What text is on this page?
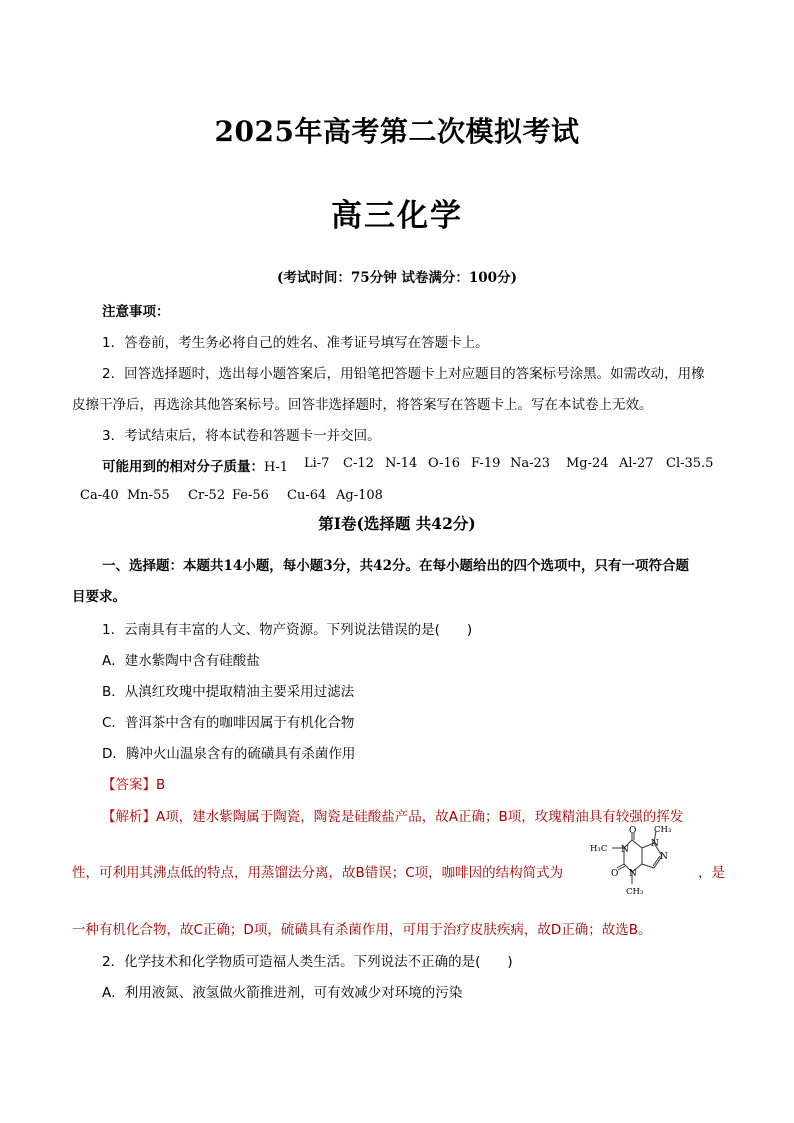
2025年高考第二次模拟考试
高三化学
(考试时间：75分钟 试卷满分：100分)
注意事项：
1．答卷前，考生务必将自己的姓名、准考证号填写在答题卡上。
2．回答选择题时，选出每小题答案后，用铅笔把答题卡上对应题目的答案标号涂黑。如需改动，用橡
皮擦干净后，再选涂其他答案标号。回答非选择题时，将答案写在答题卡上。写在本试卷上无效。
3．考试结束后，将本试卷和答题卡一并交回。
可能用到的相对分子质量：H-1 Li-7 C-12 N-14 O-16 F-19 Na-23 Mg-24 Al-27 Cl-35.5
Ca-40 Mn-55 Cr-52 Fe-56 Cu-64 Ag-108
第Ⅰ卷(选择题 共42分)
一、选择题：本题共14小题，每小题3分，共42分。在每小题给出的四个选项中，只有一项符合题
目要求。
1．云南具有丰富的人文、物产资源。下列说法错误的是(　　)
A．建水紫陶中含有硅酸盐
B．从滇红玫瑰中提取精油主要采用过滤法
C．普洱茶中含有的咖啡因属于有机化合物
D．腾冲火山温泉含有的硫磺具有杀菌作用
【答案】B
【解析】A项，建水紫陶属于陶瓷，陶瓷是硅酸盐产品，故A正确；B项，玫瑰精油具有较强的挥发
性，可利用其沸点低的特点，用蒸馏法分离，故B错误；C项，咖啡因的结构简式为	，是
一种有机化合物，故C正确；D项，硫磺具有杀菌作用，可用于治疗皮肤疾病，故D正确；故选B。
O
O
N
N
N
N
H₃C
CH₃
CH₃
2．化学技术和化学物质可造福人类生活。下列说法不正确的是(　　)
A．利用液氮、液氢做火箭推进剂，可有效减少对环境的污染
